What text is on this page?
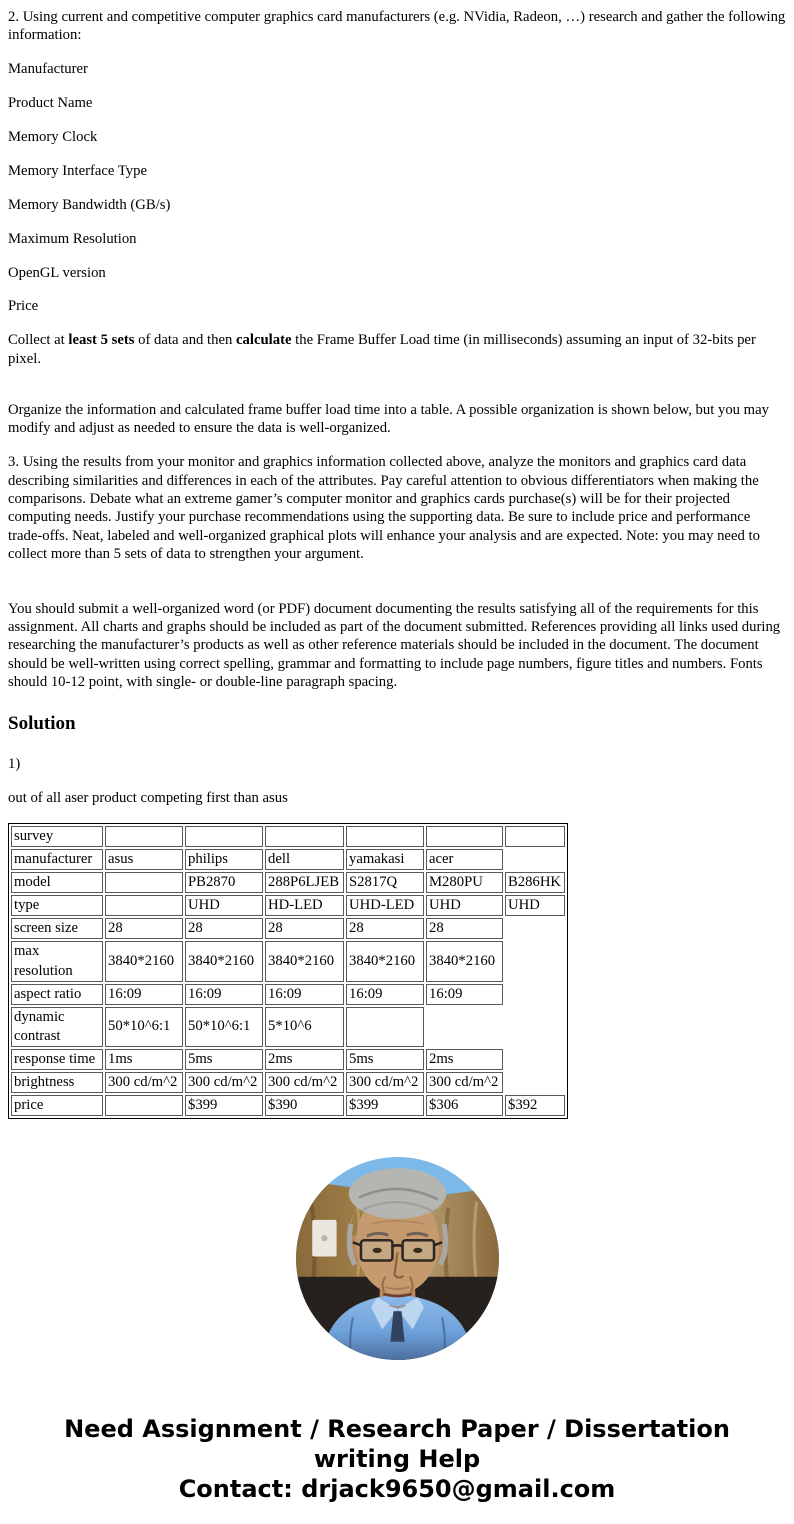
2. Using current and competitive computer graphics card manufacturers (e.g. NVidia, Radeon, …) research and gather the following information:

Manufacturer

Product Name

Memory Clock

Memory Interface Type

Memory Bandwidth (GB/s)

Maximum Resolution

OpenGL version

Price

Collect at least 5 sets of data and then calculate the Frame Buffer Load time (in milliseconds) assuming an input of 32-bits per pixel.

Organize the information and calculated frame buffer load time into a table. A possible organization is shown below, but you may modify and adjust as needed to ensure the data is well-organized.

3. Using the results from your monitor and graphics information collected above, analyze the monitors and graphics card data describing similarities and differences in each of the attributes. Pay careful attention to obvious differentiators when making the comparisons. Debate what an extreme gamer’s computer monitor and graphics cards purchase(s) will be for their projected computing needs. Justify your purchase recommendations using the supporting data. Be sure to include price and performance trade-offs. Neat, labeled and well-organized graphical plots will enhance your analysis and are expected. Note: you may need to collect more than 5 sets of data to strengthen your argument.

You should submit a well-organized word (or PDF) document documenting the results satisfying all of the requirements for this assignment. All charts and graphs should be included as part of the document submitted. References providing all links used during researching the manufacturer’s products as well as other reference materials should be included in the document. The document should be well-written using correct spelling, grammar and formatting to include page numbers, figure titles and numbers. Fonts should 10-12 point, with single- or double-line paragraph spacing.

Solution

1)

out of all aser product competing first than asus

survey						
manufacturer	asus	philips	dell	yamakasi	acer	
model		PB2870	288P6LJEB	S2817Q	M280PU	B286HK
type		UHD	HD-LED	UHD-LED	UHD	UHD
screen size	28	28	28	28	28	
max resolution	3840*2160	3840*2160	3840*2160	3840*2160	3840*2160	
aspect ratio	16:09	16:09	16:09	16:09	16:09	
dynamic contrast	50*10^6:1	50*10^6:1	5*10^6			
response time	1ms	5ms	2ms	5ms	2ms	
brightness	300 cd/m^2	300 cd/m^2	300 cd/m^2	300 cd/m^2	300 cd/m^2	
price		$399	$390	$399	$306	$392
Need Assignment / Research Paper / Dissertation writing Help
Contact: drjack9650@gmail.com
